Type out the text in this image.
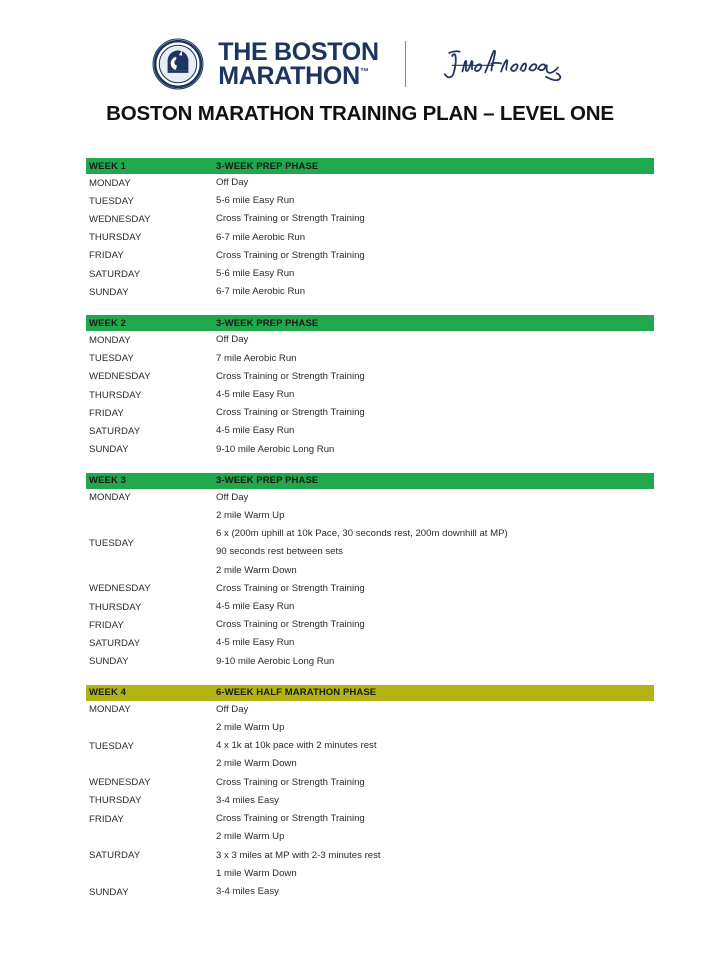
THE BOSTON
MARATHON™
BOSTON MARATHON TRAINING PLAN – LEVEL ONE
WEEK 1	3-WEEK PREP PHASE
MONDAY	Off Day
TUESDAY	5-6 mile Easy Run
WEDNESDAY	Cross Training or Strength Training
THURSDAY	6-7 mile Aerobic Run
FRIDAY	Cross Training or Strength Training
SATURDAY	5-6 mile Easy Run
SUNDAY	6-7 mile Aerobic Run
WEEK 2	3-WEEK PREP PHASE
MONDAY	Off Day
TUESDAY	7 mile Aerobic Run
WEDNESDAY	Cross Training or Strength Training
THURSDAY	4-5 mile Easy Run
FRIDAY	Cross Training or Strength Training
SATURDAY	4-5 mile Easy Run
SUNDAY	9-10 mile Aerobic Long Run
WEEK 3	3-WEEK PREP PHASE
MONDAY	Off Day
TUESDAY
2 mile Warm Up
6 x (200m uphill at 10k Pace, 30 seconds rest, 200m downhill at MP)
90 seconds rest between sets
2 mile Warm Down
WEDNESDAY	Cross Training or Strength Training
THURSDAY	4-5 mile Easy Run
FRIDAY	Cross Training or Strength Training
SATURDAY	4-5 mile Easy Run
SUNDAY	9-10 mile Aerobic Long Run
WEEK 4	6-WEEK HALF MARATHON PHASE
MONDAY	Off Day
TUESDAY
2 mile Warm Up
4 x 1k at 10k pace with 2 minutes rest
2 mile Warm Down
WEDNESDAY	Cross Training or Strength Training
THURSDAY	3-4 miles Easy
FRIDAY	Cross Training or Strength Training
SATURDAY
2 mile Warm Up
3 x 3 miles at MP with 2-3 minutes rest
1 mile Warm Down
SUNDAY	3-4 miles Easy
